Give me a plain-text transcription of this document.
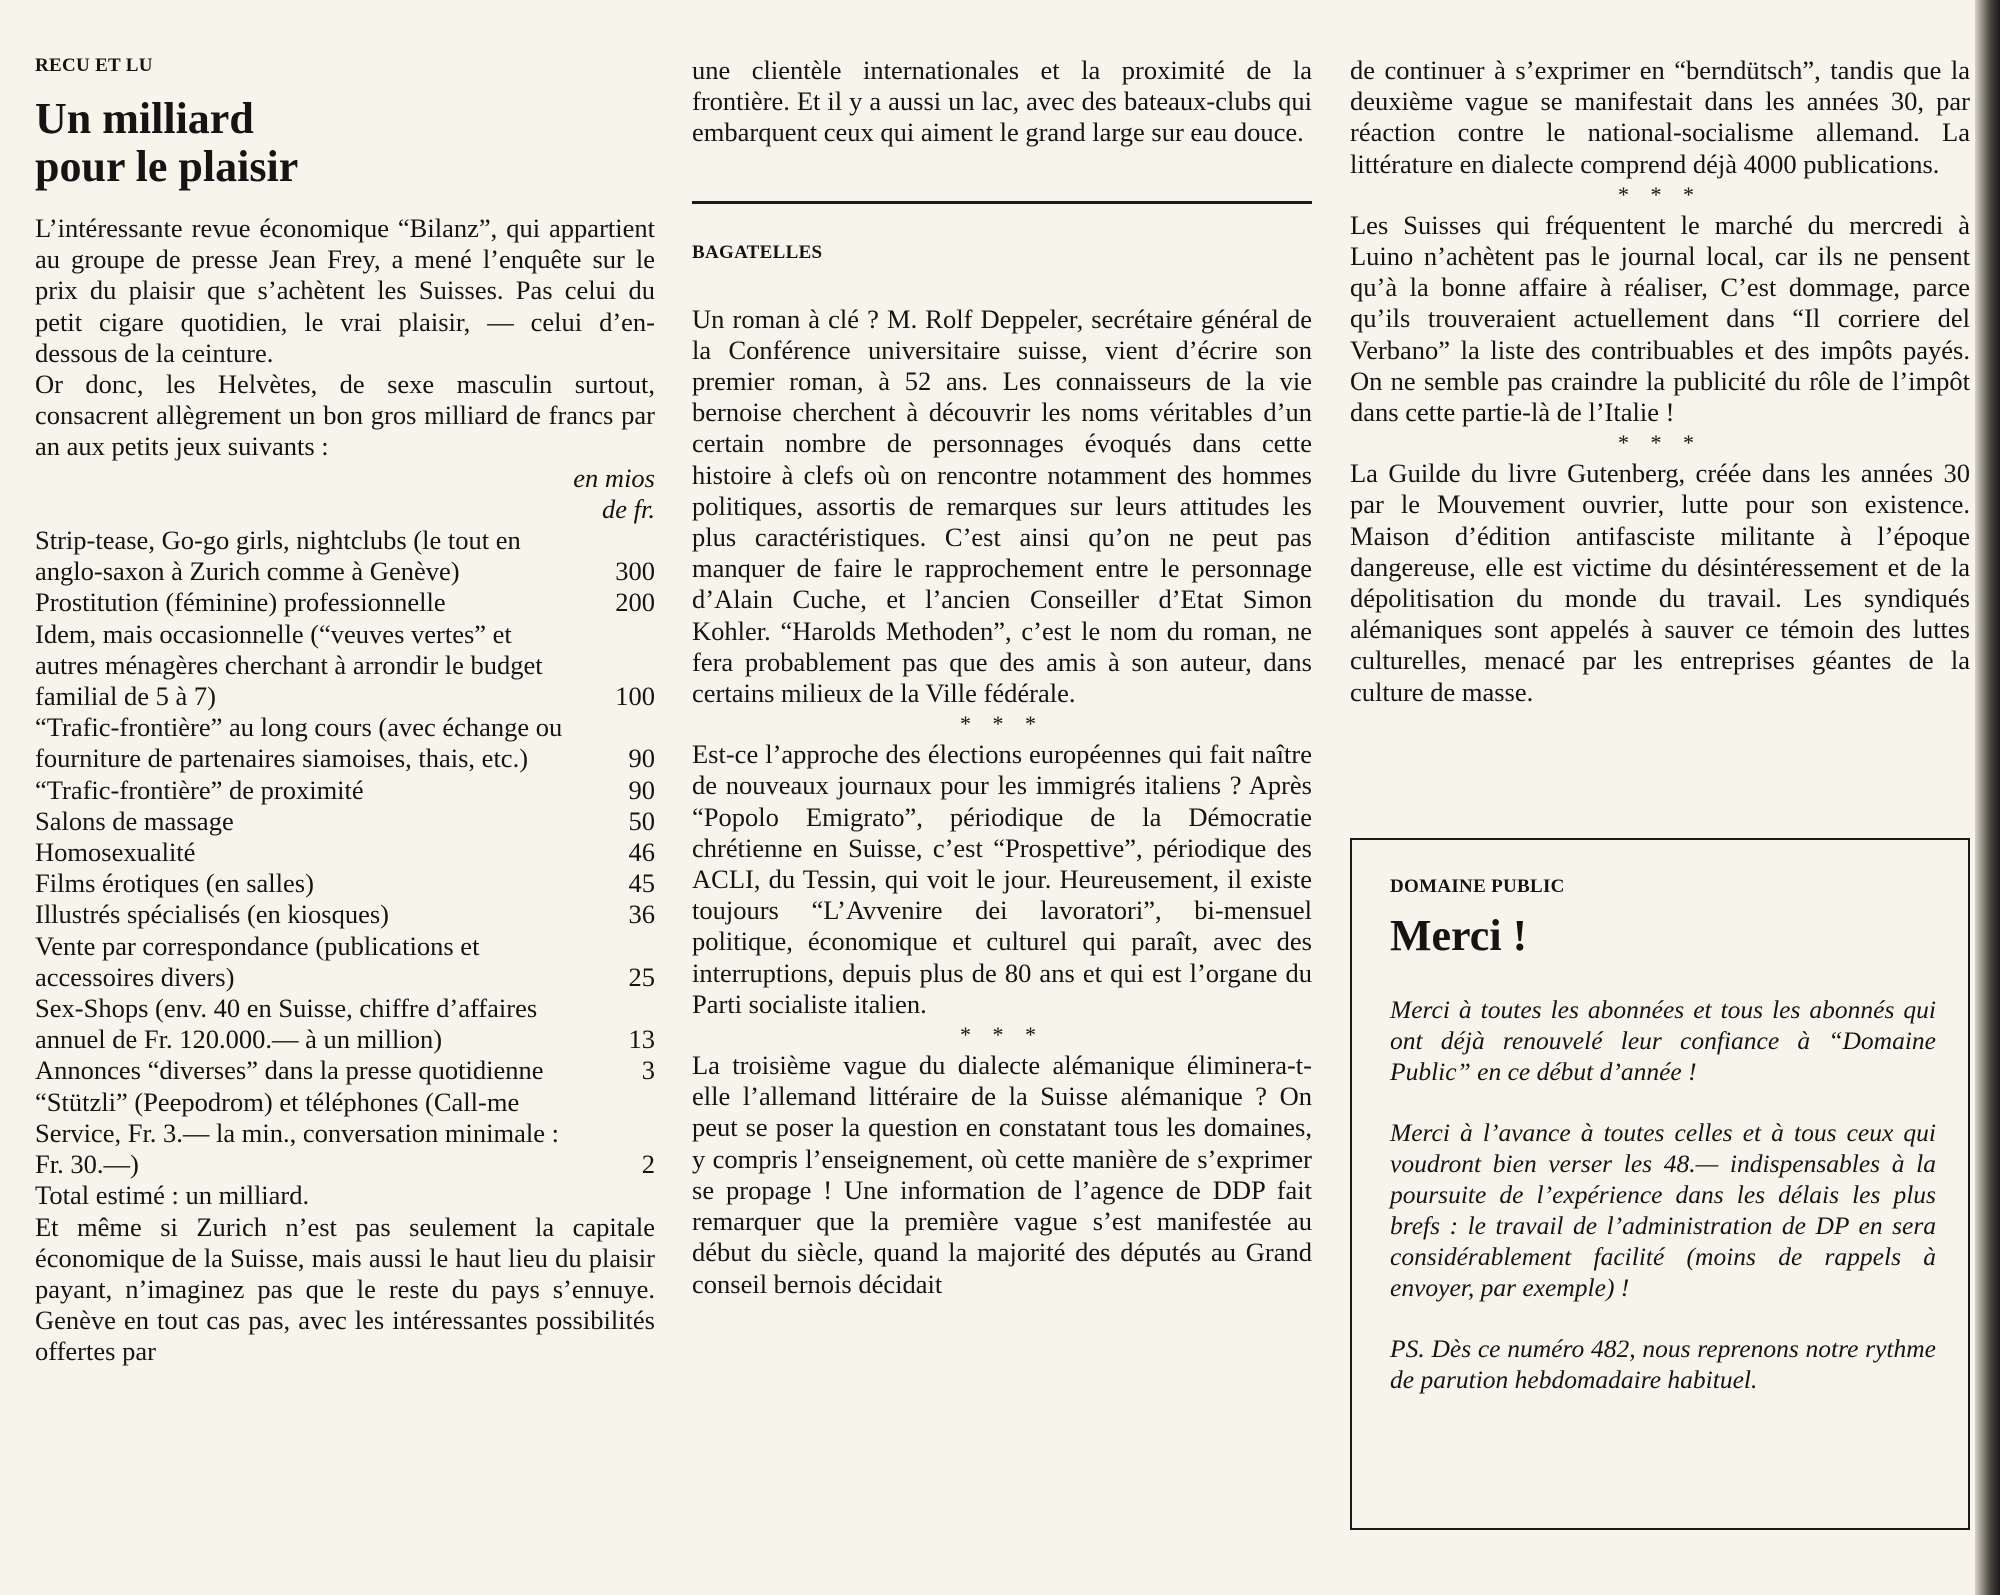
RECU ET LU
Un milliard
pour le plaisir

L’intéressante revue économique “Bilanz”, qui appartient au groupe de presse Jean Frey, a mené l’enquête sur le prix du plaisir que s’achètent les Suisses. Pas celui du petit cigare quotidien, le vrai plaisir, — celui d’en-dessous de la ceinture.

Or donc, les Helvètes, de sexe masculin surtout, consacrent allègrement un bon gros milliard de francs par an aux petits jeux suivants :

en mios
de fr.
Strip-tease, Go-go girls, nightclubs (le tout en anglo-saxon à Zurich comme à Genève)	300
Prostitution (féminine) professionnelle	200
Idem, mais occasionnelle (“veuves vertes” et autres ménagères cherchant à arrondir le budget familial de 5 à 7)	100
“Trafic-frontière” au long cours (avec échange ou fourniture de partenaires siamoises, thais, etc.)	90
“Trafic-frontière” de proximité	90
Salons de massage	50
Homosexualité	46
Films érotiques (en salles)	45
Illustrés spécialisés (en kiosques)	36
Vente par correspondance (publications et accessoires divers)	25
Sex-Shops (env. 40 en Suisse, chiffre d’affaires annuel de Fr. 120.000.— à un million)	13
Annonces “diverses” dans la presse quotidienne	3
“Stützli” (Peepodrom) et téléphones (Call-me Service, Fr. 3.— la min., conversation minimale : Fr. 30.—)	2

Total estimé : un milliard.

Et même si Zurich n’est pas seulement la capitale économique de la Suisse, mais aussi le haut lieu du plaisir payant, n’imaginez pas que le reste du pays s’ennuye. Genève en tout cas pas, avec les intéressantes possibilités offertes par

une clientèle internationales et la proximité de la frontière. Et il y a aussi un lac, avec des bateaux-clubs qui embarquent ceux qui aiment le grand large sur eau douce.

BAGATELLES

Un roman à clé ? M. Rolf Deppeler, secrétaire général de la Conférence universitaire suisse, vient d’écrire son premier roman, à 52 ans. Les connaisseurs de la vie bernoise cherchent à découvrir les noms véritables d’un certain nombre de personnages évoqués dans cette histoire à clefs où on rencontre notamment des hommes politiques, assortis de remarques sur leurs attitudes les plus caractéristiques. C’est ainsi qu’on ne peut pas manquer de faire le rapprochement entre le personnage d’Alain Cuche, et l’ancien Conseiller d’Etat Simon Kohler. “Harolds Methoden”, c’est le nom du roman, ne fera probablement pas que des amis à son auteur, dans certains milieux de la Ville fédérale.

* * *

Est-ce l’approche des élections européennes qui fait naître de nouveaux journaux pour les immigrés italiens ? Après “Popolo Emigrato”, périodique de la Démocratie chrétienne en Suisse, c’est “Prospettive”, périodique des ACLI, du Tessin, qui voit le jour. Heureusement, il existe toujours “L’Avvenire dei lavoratori”, bi-mensuel politique, économique et culturel qui paraît, avec des interruptions, depuis plus de 80 ans et qui est l’organe du Parti socialiste italien.

* * *

La troisième vague du dialecte alémanique éliminera-t-elle l’allemand littéraire de la Suisse alémanique ? On peut se poser la question en constatant tous les domaines, y compris l’enseignement, où cette manière de s’exprimer se propage ! Une information de l’agence de DDP fait remarquer que la première vague s’est manifestée au début du siècle, quand la majorité des députés au Grand conseil bernois décidait

de continuer à s’exprimer en “berndütsch”, tandis que la deuxième vague se manifestait dans les années 30, par réaction contre le national-socialisme allemand. La littérature en dialecte comprend déjà 4000 publications.

* * *

Les Suisses qui fréquentent le marché du mercredi à Luino n’achètent pas le journal local, car ils ne pensent qu’à la bonne affaire à réaliser, C’est dommage, parce qu’ils trouveraient actuellement dans “Il corriere del Verbano” la liste des contribuables et des impôts payés. On ne semble pas craindre la publicité du rôle de l’impôt dans cette partie-là de l’Italie !

* * *

La Guilde du livre Gutenberg, créée dans les années 30 par le Mouvement ouvrier, lutte pour son existence. Maison d’édition antifasciste militante à l’époque dangereuse, elle est victime du désintéressement et de la dépolitisation du monde du travail. Les syndiqués alémaniques sont appelés à sauver ce témoin des luttes culturelles, menacé par les entreprises géantes de la culture de masse.

DOMAINE PUBLIC
Merci !

Merci à toutes les abonnées et tous les abonnés qui ont déjà renouvelé leur confiance à “Domaine Public” en ce début d’année !

Merci à l’avance à toutes celles et à tous ceux qui voudront bien verser les 48.— indispensables à la poursuite de l’expérience dans les délais les plus brefs : le travail de l’administration de DP en sera considérablement facilité (moins de rappels à envoyer, par exemple) !

PS. Dès ce numéro 482, nous reprenons notre rythme de parution hebdomadaire habituel.
